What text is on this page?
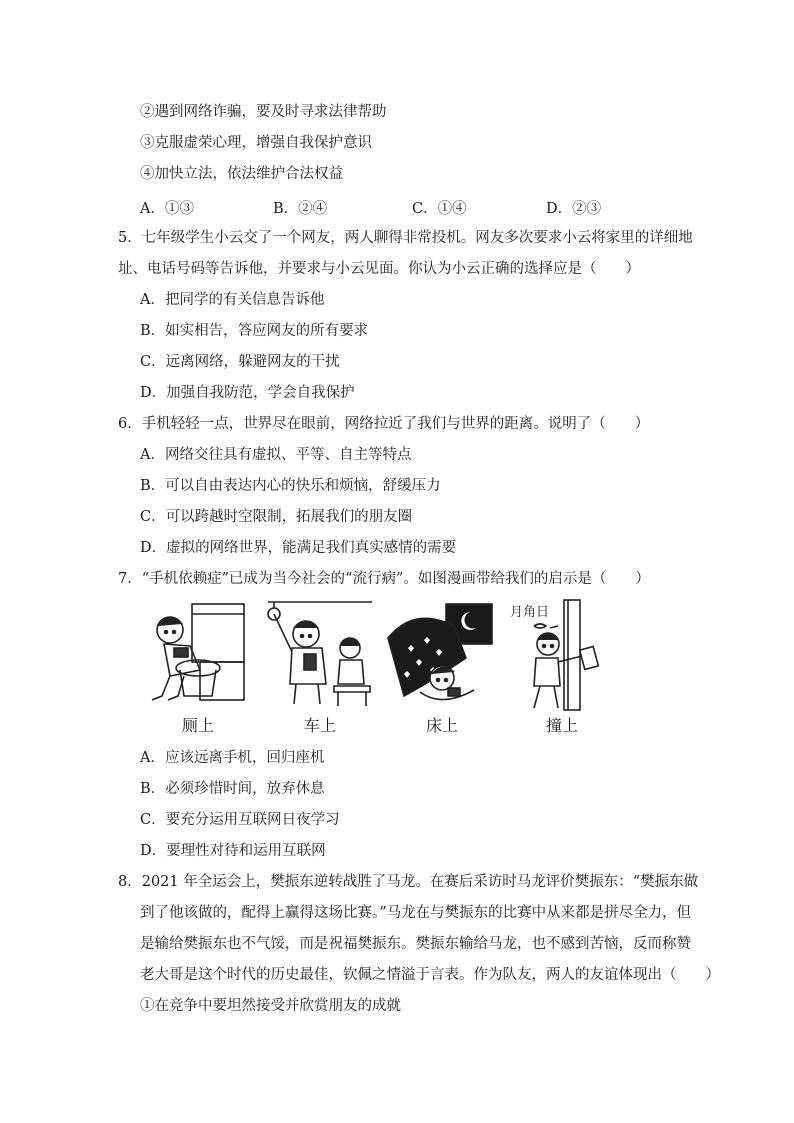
②遇到网络诈骗，要及时寻求法律帮助
③克服虚荣心理，增强自我保护意识
④加快立法，依法维护合法权益
A．①③	B．②④	C．①④	D．②③
5．七年级学生小云交了一个网友，两人聊得非常投机。网友多次要求小云将家里的详细地
址、电话号码等告诉他，并要求与小云见面。你认为小云正确的选择应是（　　）
A．把同学的有关信息告诉他
B．如实相告，答应网友的所有要求
C．远离网络，躲避网友的干扰
D．加强自我防范，学会自我保护
6．手机轻轻一点，世界尽在眼前，网络拉近了我们与世界的距离。说明了（　　）
A．网络交往具有虚拟、平等、自主等特点
B．可以自由表达内心的快乐和烦恼，舒缓压力
C．可以跨越时空限制，拓展我们的朋友圈
D．虚拟的网络世界，能满足我们真实感情的需要
7．“手机依赖症”已成为当今社会的“流行病”。如图漫画带给我们的启示是（　　）
厕上	车上	床上
月角日
撞上
A．应该远离手机，回归座机
B．必须珍惜时间，放弃休息
C．要充分运用互联网日夜学习
D．要理性对待和运用互联网
8．2021 年全运会上，樊振东逆转战胜了马龙。在赛后采访时马龙评价樊振东：“樊振东做
到了他该做的，配得上赢得这场比赛。”马龙在与樊振东的比赛中从来都是拼尽全力，但
是输给樊振东也不气馁，而是祝福樊振东。樊振东输给马龙，也不感到苦恼，反而称赞
老大哥是这个时代的历史最佳，钦佩之情溢于言表。作为队友，两人的友谊体现出（　　）
①在竞争中要坦然接受并欣赏朋友的成就
